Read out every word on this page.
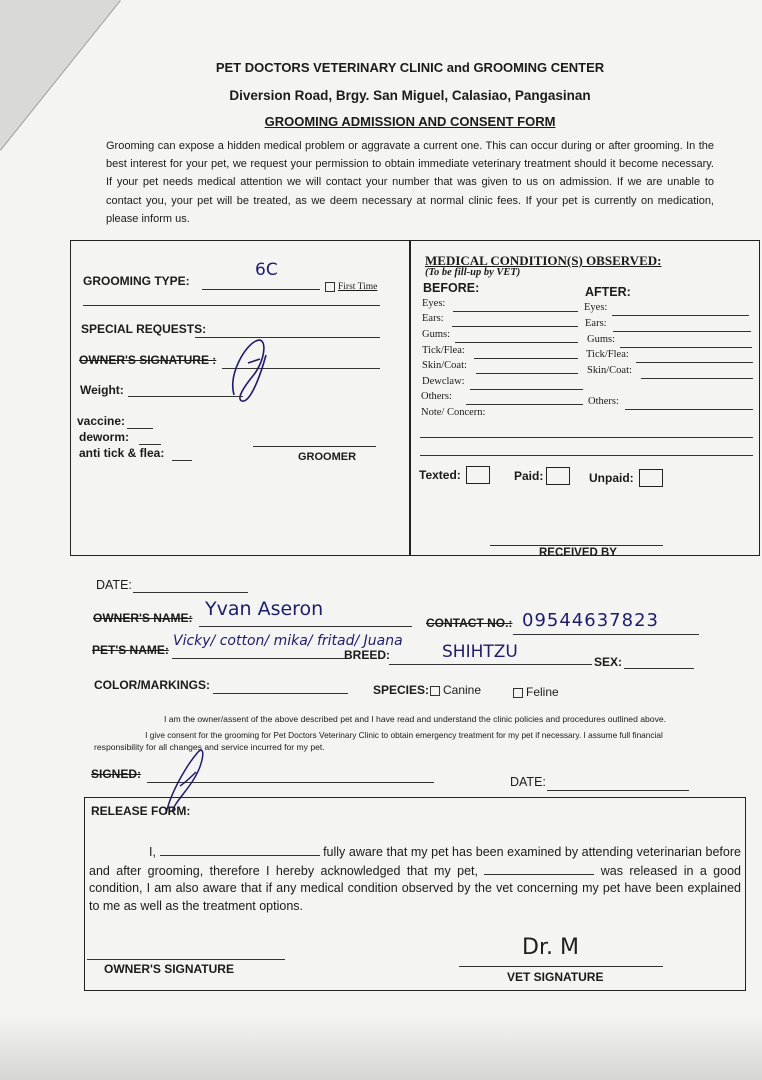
PET DOCTORS VETERINARY CLINIC and GROOMING CENTER
Diversion Road, Brgy. San Miguel, Calasiao, Pangasinan
GROOMING ADMISSION AND CONSENT FORM
Grooming can expose a hidden medical problem or aggravate a current one. This can occur during or after grooming. In the best interest for your pet, we request your permission to obtain immediate veterinary treatment should it become necessary. If your pet needs medical attention we will contact your number that was given to us on admission. If we are unable to contact you, your pet will be treated, as we deem necessary at normal clinic fees. If your pet is currently on medication, please inform us.
GROOMING TYPE:
6C
First Time
SPECIAL REQUESTS:
OWNER'S SIGNATURE :
Weight:
vaccine:
deworm:
anti tick & flea:	GROOMER
MEDICAL CONDITION(S) OBSERVED:
(To be fill-up by VET)
BEFORE:	AFTER:
Eyes:
Ears:
Gums:
Tick/Flea:
Skin/Coat:
Dewclaw:
Others:
Eyes:
Ears:
Gums:
Tick/Flea:
Skin/Coat:
Others:
Note/ Concern:
Texted:	Paid:	Unpaid:
RECEIVED BY
DATE:
OWNER'S NAME: Yvan Aseron
CONTACT NO.: 09544637823
PET'S NAME:
Vicky/ cotton/ mika/ fritad/ Juana
BREED:	SHIHTZU	SEX:
COLOR/MARKINGS:	SPECIES:	Canine	Feline
I am the owner/assent of the above described pet and I have read and understand the clinic policies and procedures outlined above.
I give consent for the grooming for Pet Doctors Veterinary Clinic to obtain emergency treatment for my pet if necessary. I assume full financial
responsibility for all changes and service incurred for my pet.
SIGNED:
DATE:
RELEASE FORM:
I,	fully aware that my pet has been examined by attending veterinarian before and after grooming, therefore I hereby acknowledged that my pet,	was released in a good condition, I am also aware that if any medical condition observed by the vet concerning my pet have been explained to me as well as the treatment options.
OWNER'S SIGNATURE
Dr. M
VET SIGNATURE
